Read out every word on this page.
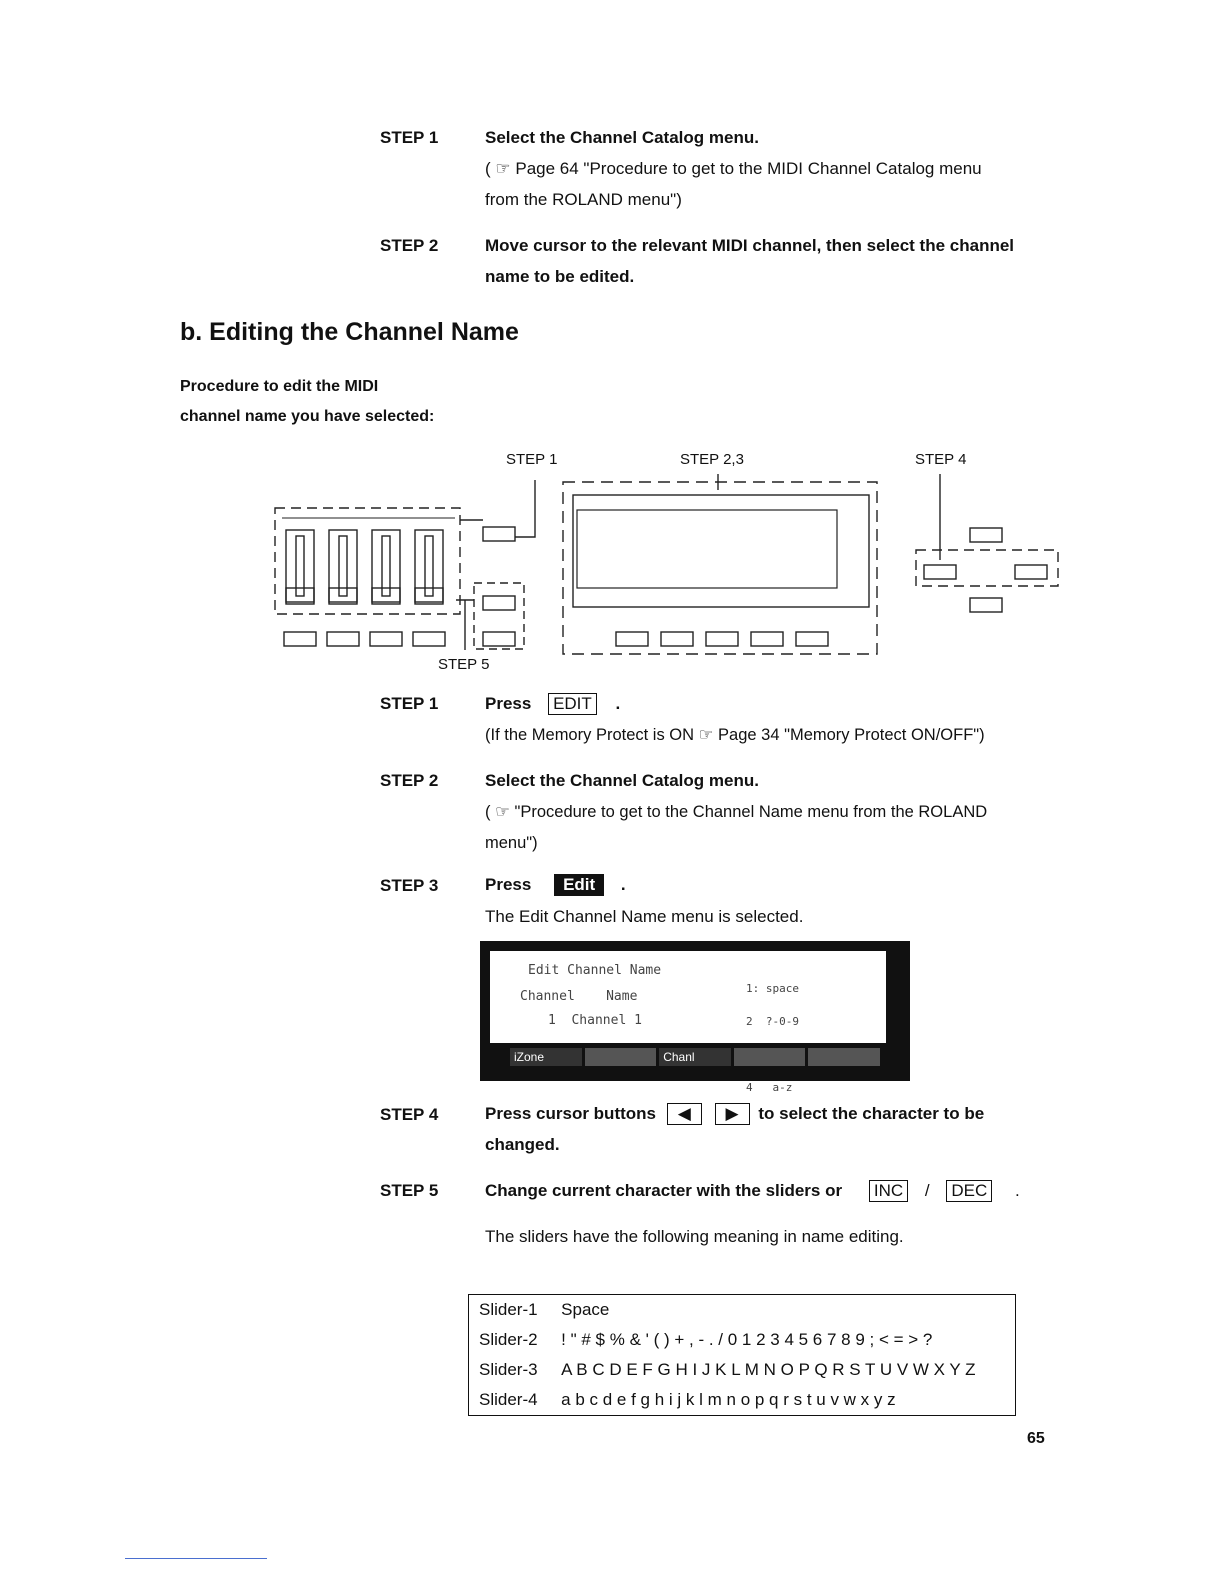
STEP 1	Select the Channel Catalog menu.
( ☞ Page 64 "Procedure to get to the MIDI Channel Catalog menu
from the ROLAND menu")
STEP 2	Move cursor to the relevant MIDI channel, then select the channel
name to be edited.
b. Editing the Channel Name
Procedure to edit the MIDI channel name you have selected:
STEP 1	STEP 2,3	STEP 4
STEP 5
STEP 1	Press EDIT .
(If the Memory Protect is ON ☞ Page 34 "Memory Protect ON/OFF")
STEP 2	Select the Channel Catalog menu.
( ☞ "Procedure to get to the Channel Name menu from the ROLAND
menu")
STEP 3	Press Edit .
The Edit Channel Name menu is selected.
Edit Channel Name
Channel    Name
1  Channel 1

1: space

2  ?-0-9

4   a-z

iZone	Chanl
STEP 4	Press cursor buttons ◀ ▶ to select the character to be
changed.
STEP 5	Change current character with the sliders or INC / DEC .
The sliders have the following meaning in name editing.
Slider-1	Space
Slider-2	! " # $ % & ' ( ) + , - . / 0 1 2 3 4 5 6 7 8 9 ; < = > ?
Slider-3	A B C D E F G H I J K L M N O P Q R S T U V W X Y Z
Slider-4	a b c d e f g h i j k l m n o p q r s t u v w x y z
65
